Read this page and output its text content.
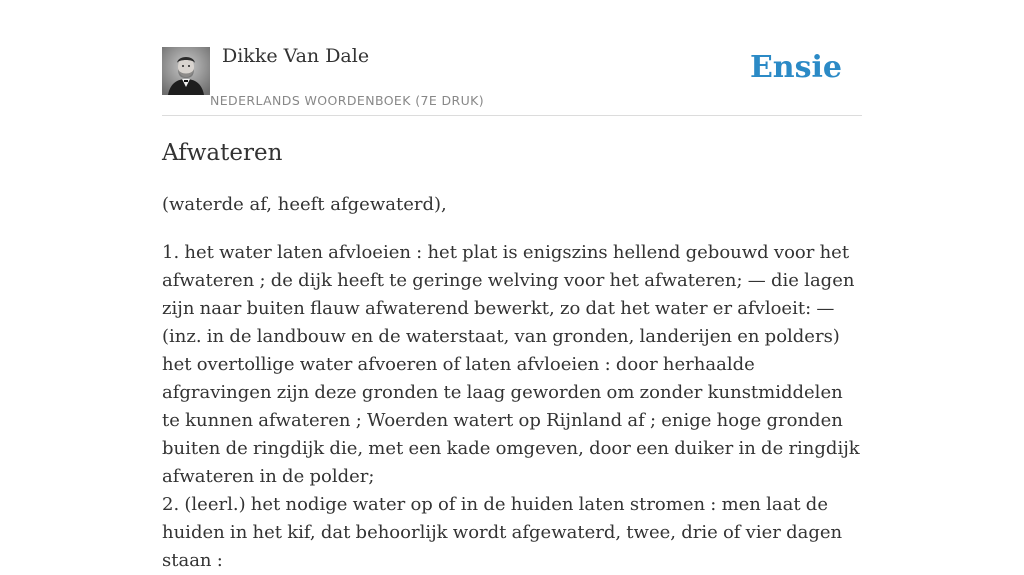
Dikke Van Dale
NEDERLANDS WOORDENBOEK (7E DRUK)
Ensie
Afwateren
(waterde af, heeft afgewaterd),

1. het water laten afvloeien : het plat is enigszins hellend gebouwd voor het afwateren ; de dijk heeft te geringe welving voor het afwateren; — die lagen zijn naar buiten flauw afwaterend bewerkt, zo dat het water er afvloeit: — (inz. in de landbouw en de waterstaat, van gronden, landerijen en polders) het overtollige water afvoeren of laten afvloeien : door herhaalde afgravingen zijn deze gronden te laag geworden om zonder kunstmiddelen te kunnen afwateren ; Woerden watert op Rijnland af ; enige hoge gronden buiten de ringdijk die, met een kade omgeven, door een duiker in de ringdijk afwateren in de polder;

2. (leerl.) het nodige water op of in de huiden laten stromen : men laat de huiden in het kif, dat behoorlijk wordt afgewaterd, twee, drie of vier dagen staan :
